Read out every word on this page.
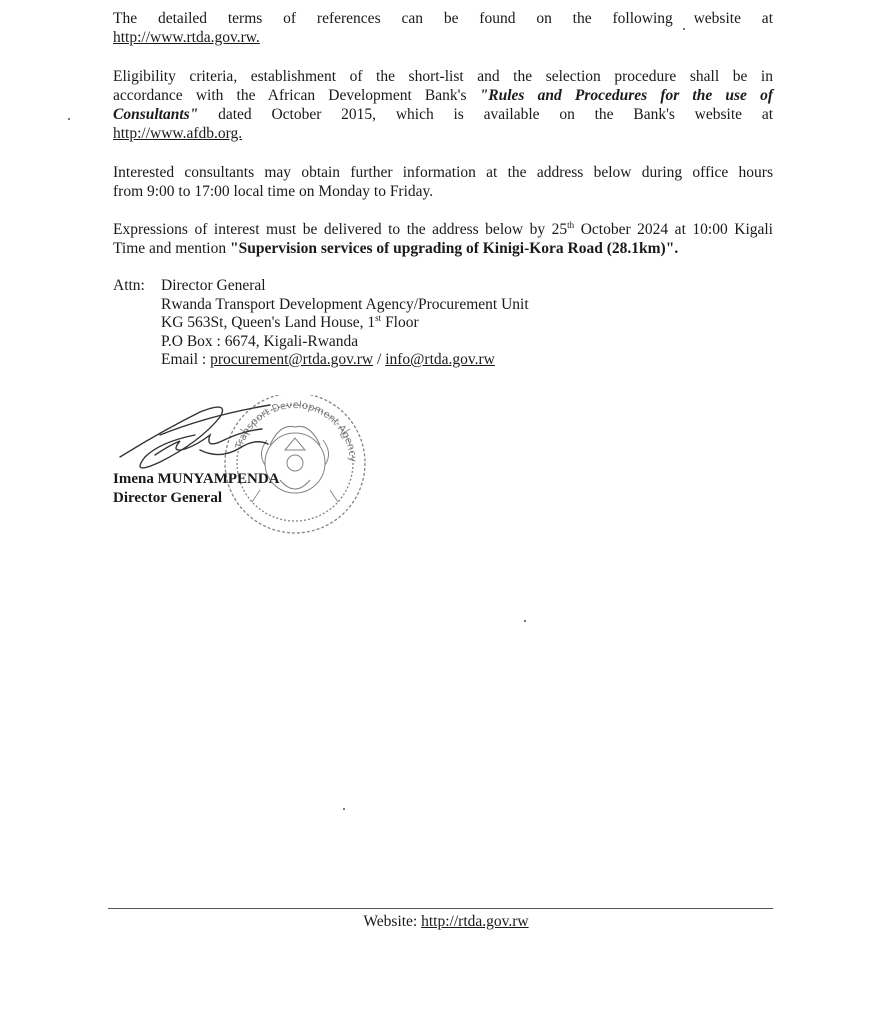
The detailed terms of references can be found on the following website at
http://www.rtda.gov.rw.
Eligibility criteria, establishment of the short-list and the selection procedure shall be in
accordance with the African Development Bank's "Rules and Procedures for the use of
Consultants" dated October 2015, which is available on the Bank's website at
http://www.afdb.org.
Interested consultants may obtain further information at the address below during office hours
from 9:00 to 17:00 local time on Monday to Friday.
Expressions of interest must be delivered to the address below by 25th October 2024 at 10:00 Kigali
Time and mention "Supervision services of upgrading of Kinigi-Kora Road (28.1km)".
Attn:	Director General
Rwanda Transport Development Agency/Procurement Unit
KG 563St, Queen's Land House, 1st Floor
P.O Box : 6674, Kigali-Rwanda
Email : procurement@rtda.gov.rw / info@rtda.gov.rw
Transport Development Agency
Imena MUNYAMPENDA
Director General
Website: http://rtda.gov.rw
